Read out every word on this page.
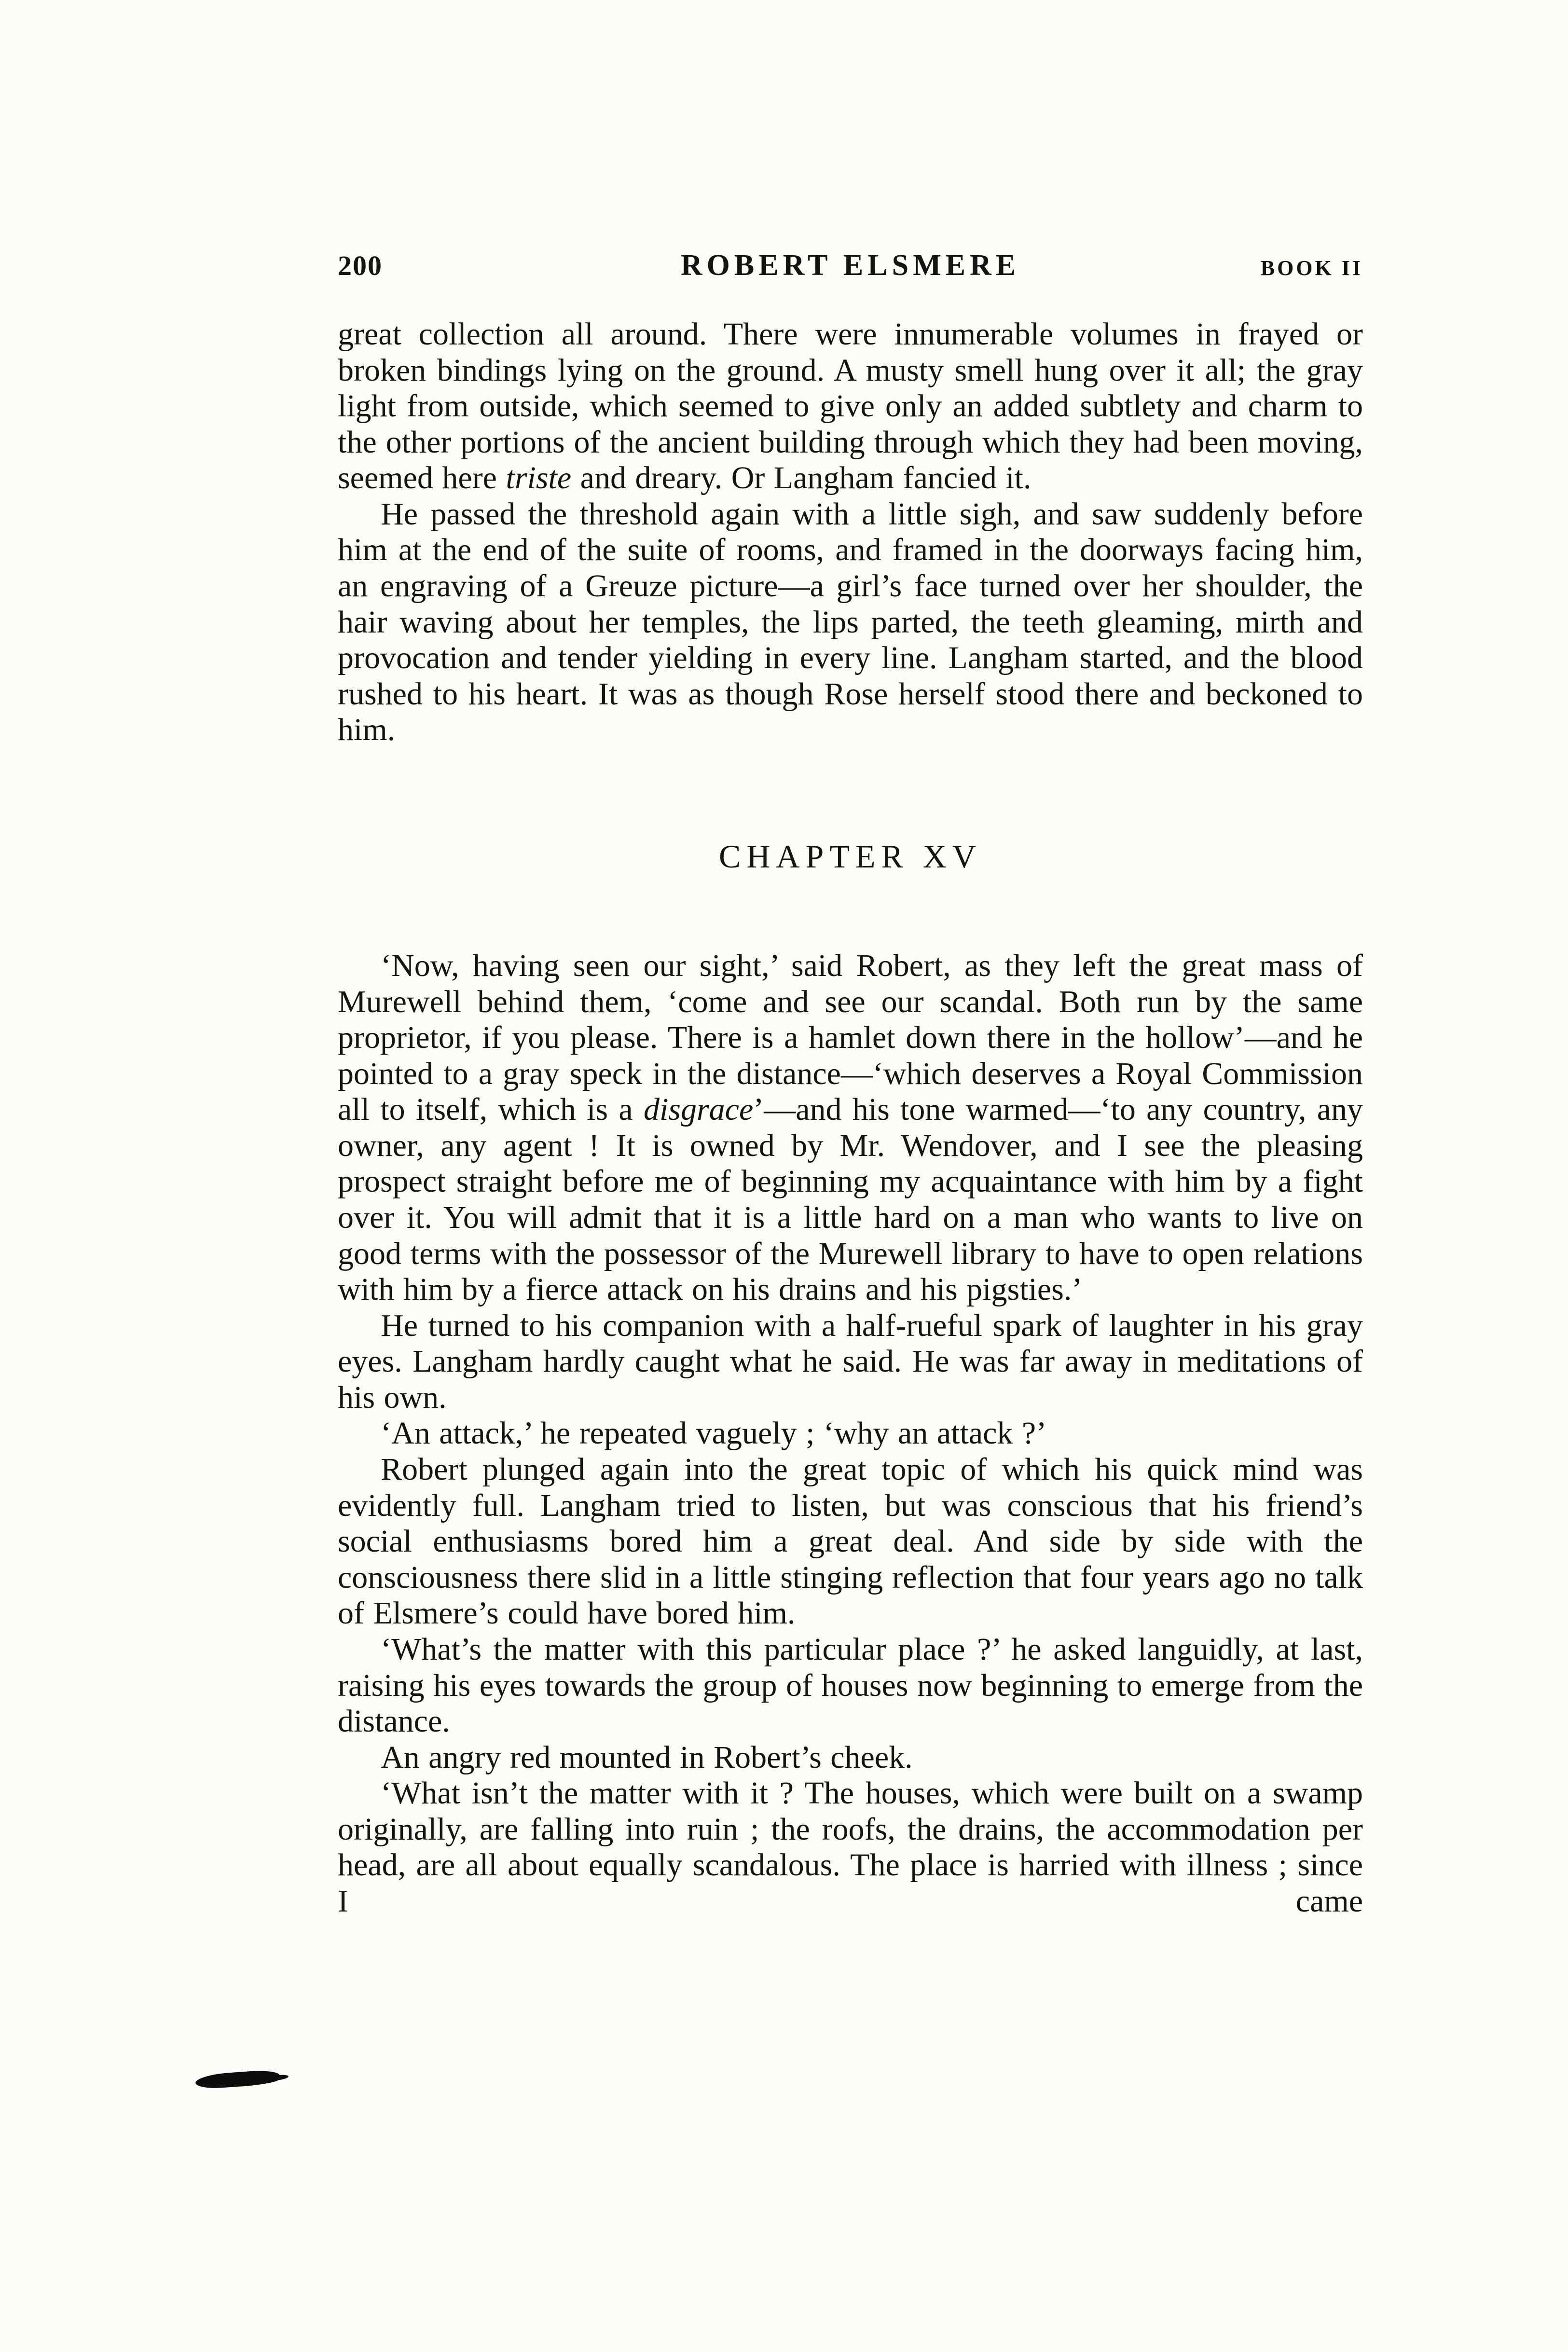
200	ROBERT ELSMERE	BOOK II

great collection all around. There were innumerable volumes in frayed or broken bindings lying on the ground. A musty smell hung over it all; the gray light from outside, which seemed to give only an added subtlety and charm to the other portions of the ancient building through which they had been moving, seemed here triste and dreary. Or Langham fancied it.

He passed the threshold again with a little sigh, and saw suddenly before him at the end of the suite of rooms, and framed in the doorways facing him, an engraving of a Greuze picture—a girl’s face turned over her shoulder, the hair waving about her temples, the lips parted, the teeth gleaming, mirth and provocation and tender yielding in every line. Langham started, and the blood rushed to his heart. It was as though Rose herself stood there and beckoned to him.

CHAPTER XV

‘Now, having seen our sight,’ said Robert, as they left the great mass of Murewell behind them, ‘come and see our scandal. Both run by the same proprietor, if you please. There is a hamlet down there in the hollow’—and he pointed to a gray speck in the distance—‘which deserves a Royal Commission all to itself, which is a disgrace’—and his tone warmed—‘to any country, any owner, any agent ! It is owned by Mr. Wendover, and I see the pleasing prospect straight before me of beginning my acquaintance with him by a fight over it. You will admit that it is a little hard on a man who wants to live on good terms with the possessor of the Murewell library to have to open relations with him by a fierce attack on his drains and his pigsties.’

He turned to his companion with a half-rueful spark of laughter in his gray eyes. Langham hardly caught what he said. He was far away in meditations of his own.

‘An attack,’ he repeated vaguely ; ‘why an attack ?’

Robert plunged again into the great topic of which his quick mind was evidently full. Langham tried to listen, but was conscious that his friend’s social enthusiasms bored him a great deal. And side by side with the consciousness there slid in a little stinging reflection that four years ago no talk of Elsmere’s could have bored him.

‘What’s the matter with this particular place ?’ he asked languidly, at last, raising his eyes towards the group of houses now beginning to emerge from the distance.

An angry red mounted in Robert’s cheek.

‘What isn’t the matter with it ? The houses, which were built on a swamp originally, are falling into ruin ; the roofs, the drains, the accommodation per head, are all about equally scandalous. The place is harried with illness ; since I came
